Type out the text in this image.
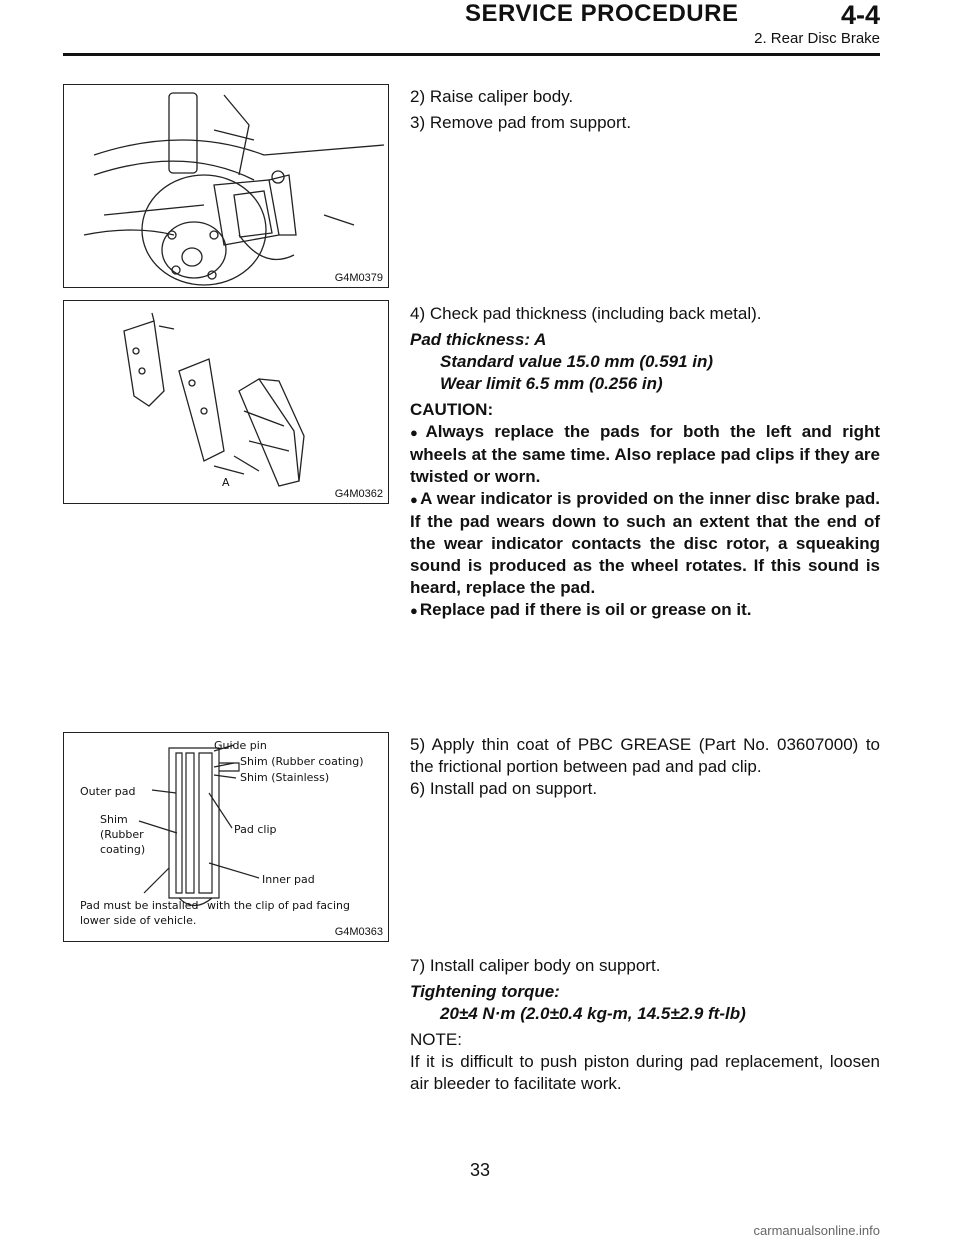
SERVICE PROCEDURE	4-4
2. Rear Disc Brake
G4M0379
A
G4M0362
Guide pin
Shim (Rubber coating)
Shim (Stainless)
Outer pad
Shim
(Rubber
coating)
Pad clip
Inner pad
Pad must be installed with the clip of pad facing
lower side of vehicle.
G4M0363

2) Raise caliper body.

3) Remove pad from support.

4) Check pad thickness (including back metal).

Pad thickness: A
Standard value 15.0 mm (0.591 in)

Wear limit 6.5 mm (0.256 in)

CAUTION:
● Always replace the pads for both the left and right wheels at the same time. Also replace pad clips if they are twisted or worn.
● A wear indicator is provided on the inner disc brake pad. If the pad wears down to such an extent that the end of the wear indicator contacts the disc rotor, a squeaking sound is produced as the wheel rotates. If this sound is heard, replace the pad.
● Replace pad if there is oil or grease on it.
5) Apply thin coat of PBC GREASE (Part No. 03607000) to the frictional portion between pad and pad clip.
6) Install pad on support.

7) Install caliper body on support.

Tightening torque:

20±4 N·m (2.0±0.4 kg-m, 14.5±2.9 ft-lb)

NOTE:
If it is difficult to push piston during pad replacement, loosen air bleeder to facilitate work.
33
carmanualsonline.info
